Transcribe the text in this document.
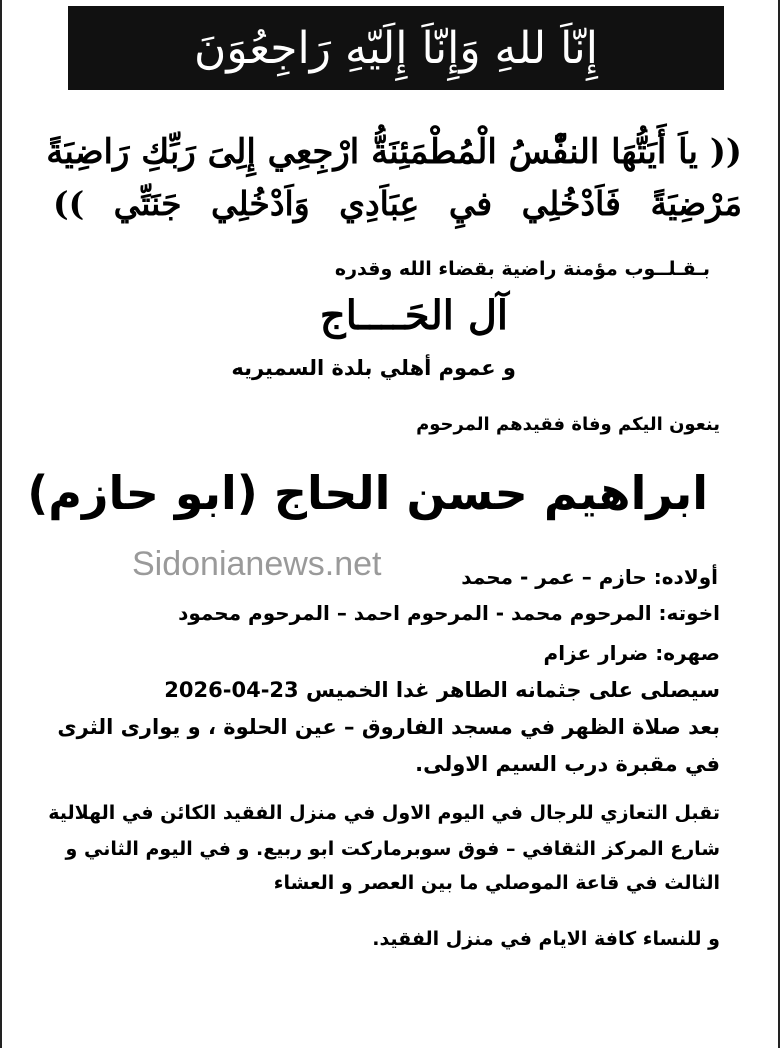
إِنّاَ للهِ وَإِنّاَ إِلَيّهِ رَاجِعُوَنَ
(( ياَ أَيَتُّهَا النفّْسُ الْمُطْمَئِنَةُّ ارْجِعِي إِلِىَ رَبِّكِ رَاضِيَةً
مَرْضِيَةً فَاَدْخُلِي فيِ عِبَاَدِي وَاَدْخُلِي جَنَتِّي ))
بـقـلــوب مؤمنة راضية بقضاء الله وقدره
آل الحَــــاج
و عموم أهلي بلدة السميريه
ينعون اليكم وفاة فقيدهم المرحوم
ابراهيم حسن الحاج (ابو حازم)
Sidonianews.net	أولاده: حازم – عمر - محمد
اخوته: المرحوم محمد - المرحوم احمد – المرحوم محمود
صهره: ضرار عزام
سيصلى على جثمانه الطاهر غدا الخميس 23-04-2026
بعد صلاة الظهر في مسجد الفاروق – عين الحلوة ، و يوارى الثرى
في مقبرة درب السيم الاولى.
تقبل التعازي للرجال في اليوم الاول في منزل الفقيد الكائن في الهلالية
شارع المركز الثقافي – فوق سوبرماركت ابو ربيع. و في اليوم الثاني و
الثالث في قاعة الموصلي ما بين العصر و العشاء
و للنساء كافة الايام في منزل الفقيد.
